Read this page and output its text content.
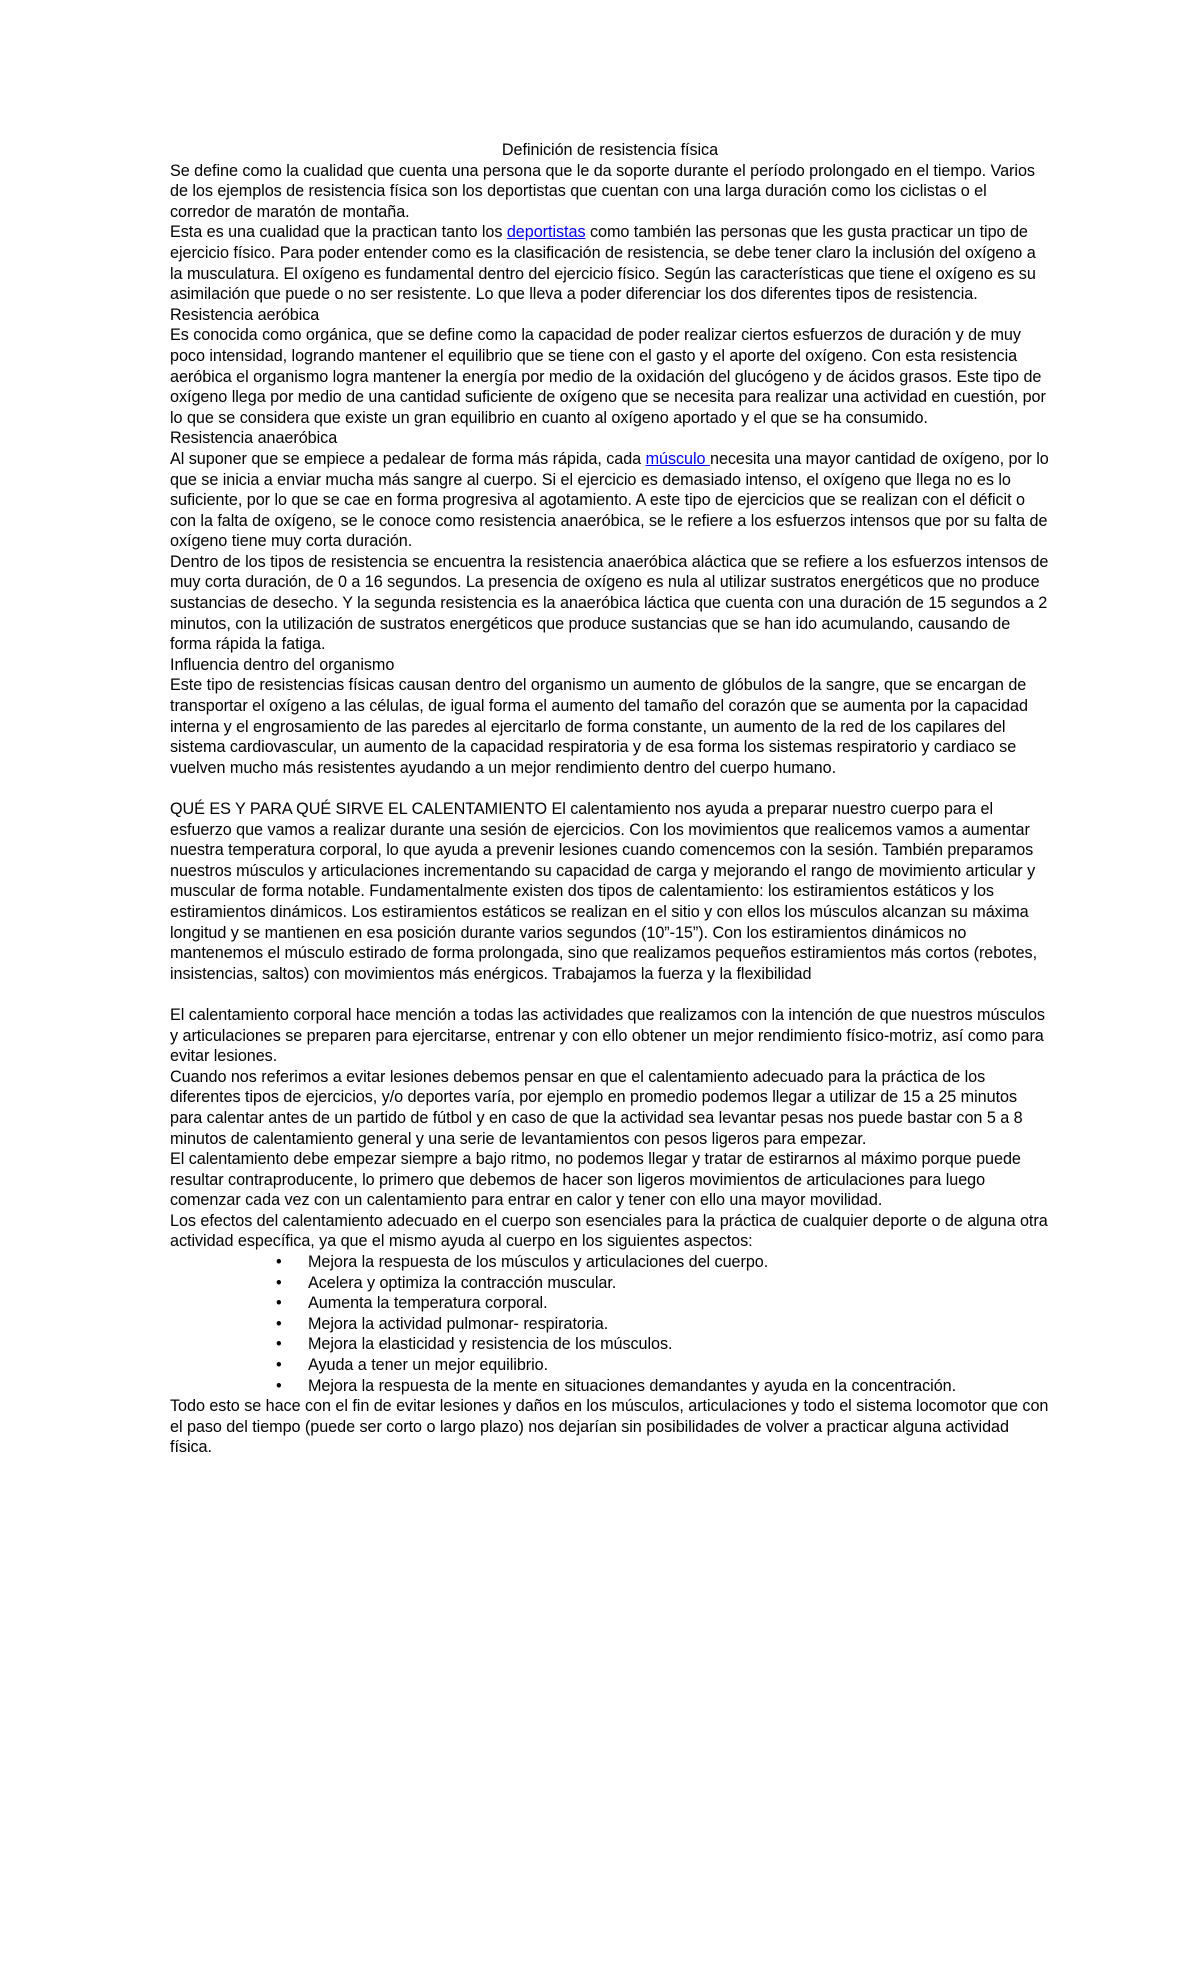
Definición de resistencia física

Se define como la cualidad que cuenta una persona que le da soporte durante el período prolongado en el tiempo. Varios de los ejemplos de resistencia física son los deportistas que cuentan con una larga duración como los ciclistas o el corredor de maratón de montaña.

Esta es una cualidad que la practican tanto los deportistas como también las personas que les gusta practicar un tipo de ejercicio físico. Para poder entender como es la clasificación de resistencia, se debe tener claro la inclusión del oxígeno a la musculatura. El oxígeno es fundamental dentro del ejercicio físico. Según las características que tiene el oxígeno es su asimilación que puede o no ser resistente. Lo que lleva a poder diferenciar los dos diferentes tipos de resistencia.

Resistencia aeróbica

Es conocida como orgánica, que se define como la capacidad de poder realizar ciertos esfuerzos de duración y de muy poco intensidad, logrando mantener el equilibrio que se tiene con el gasto y el aporte del oxígeno. Con esta resistencia aeróbica el organismo logra mantener la energía por medio de la oxidación del glucógeno y de ácidos grasos. Este tipo de oxígeno llega por medio de una cantidad suficiente de oxígeno que se necesita para realizar una actividad en cuestión, por lo que se considera que existe un gran equilibrio en cuanto al oxígeno aportado y el que se ha consumido.

Resistencia anaeróbica

Al suponer que se empiece a pedalear de forma más rápida, cada músculo necesita una mayor cantidad de oxígeno, por lo que se inicia a enviar mucha más sangre al cuerpo. Si el ejercicio es demasiado intenso, el oxígeno que llega no es lo suficiente, por lo que se cae en forma progresiva al agotamiento. A este tipo de ejercicios que se realizan con el déficit o con la falta de oxígeno, se le conoce como resistencia anaeróbica, se le refiere a los esfuerzos intensos que por su falta de oxígeno tiene muy corta duración.

Dentro de los tipos de resistencia se encuentra la resistencia anaeróbica aláctica que se refiere a los esfuerzos intensos de muy corta duración, de 0 a 16 segundos. La presencia de oxígeno es nula al utilizar sustratos energéticos que no produce sustancias de desecho. Y la segunda resistencia es la anaeróbica láctica que cuenta con una duración de 15 segundos a 2 minutos, con la utilización de sustratos energéticos que produce sustancias que se han ido acumulando, causando de forma rápida la fatiga.

Influencia dentro del organismo

Este tipo de resistencias físicas causan dentro del organismo un aumento de glóbulos de la sangre, que se encargan de transportar el oxígeno a las células, de igual forma el aumento del tamaño del corazón que se aumenta por la capacidad interna y el engrosamiento de las paredes al ejercitarlo de forma constante, un aumento de la red de los capilares del sistema cardiovascular, un aumento de la capacidad respiratoria y de esa forma los sistemas respiratorio y cardiaco se vuelven mucho más resistentes ayudando a un mejor rendimiento dentro del cuerpo humano.

QUÉ ES Y PARA QUÉ SIRVE EL CALENTAMIENTO El calentamiento nos ayuda a preparar nuestro cuerpo para el esfuerzo que vamos a realizar durante una sesión de ejercicios. Con los movimientos que realicemos vamos a aumentar nuestra temperatura corporal, lo que ayuda a prevenir lesiones cuando comencemos con la sesión. También preparamos nuestros músculos y articulaciones incrementando su capacidad de carga y mejorando el rango de movimiento articular y muscular de forma notable. Fundamentalmente existen dos tipos de calentamiento: los estiramientos estáticos y los estiramientos dinámicos. Los estiramientos estáticos se realizan en el sitio y con ellos los músculos alcanzan su máxima longitud y se mantienen en esa posición durante varios segundos (10”-15”). Con los estiramientos dinámicos no mantenemos el músculo estirado de forma prolongada, sino que realizamos pequeños estiramientos más cortos (rebotes, insistencias, saltos) con movimientos más enérgicos. Trabajamos la fuerza y la flexibilidad

El calentamiento corporal hace mención a todas las actividades que realizamos con la intención de que nuestros músculos y articulaciones se preparen para ejercitarse, entrenar y con ello obtener un mejor rendimiento físico-motriz, así como para evitar lesiones.

Cuando nos referimos a evitar lesiones debemos pensar en que el calentamiento adecuado para la práctica de los diferentes tipos de ejercicios, y/o deportes varía, por ejemplo en promedio podemos llegar a utilizar de 15 a 25 minutos para calentar antes de un partido de fútbol y en caso de que la actividad sea levantar pesas nos puede bastar con 5 a 8 minutos de calentamiento general y una serie de levantamientos con pesos ligeros para empezar.

El calentamiento debe empezar siempre a bajo ritmo, no podemos llegar y tratar de estirarnos al máximo porque puede resultar contraproducente, lo primero que debemos de hacer son ligeros movimientos de articulaciones para luego comenzar cada vez con un calentamiento para entrar en calor y tener con ello una mayor movilidad.

Los efectos del calentamiento adecuado en el cuerpo son esenciales para la práctica de cualquier deporte o de alguna otra actividad específica, ya que el mismo ayuda al cuerpo en los siguientes aspectos:

• Mejora la respuesta de los músculos y articulaciones del cuerpo.
• Acelera y optimiza la contracción muscular.
• Aumenta la temperatura corporal.
• Mejora la actividad pulmonar- respiratoria.
• Mejora la elasticidad y resistencia de los músculos.
• Ayuda a tener un mejor equilibrio.
• Mejora la respuesta de la mente en situaciones demandantes y ayuda en la concentración.

Todo esto se hace con el fin de evitar lesiones y daños en los músculos, articulaciones y todo el sistema locomotor que con el paso del tiempo (puede ser corto o largo plazo) nos dejarían sin posibilidades de volver a practicar alguna actividad física.
